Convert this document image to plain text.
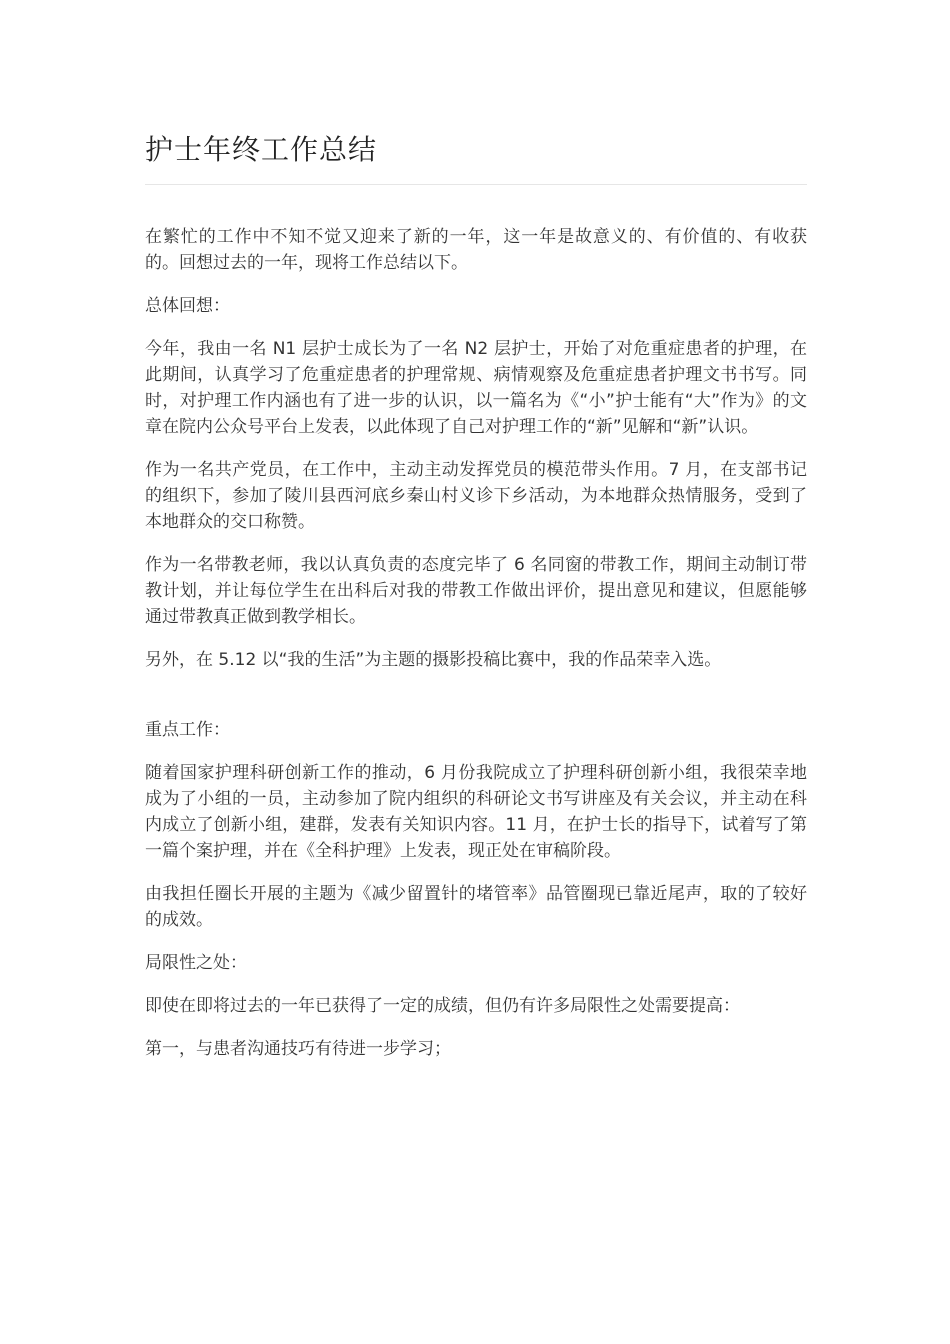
护士年终工作总结

在繁忙的工作中不知不觉又迎来了新的一年，这一年是故意义的、有价值的、有收获的。回想过去的一年，现将工作总结以下。

总体回想：

今年，我由一名 N1 层护士成长为了一名 N2 层护士，开始了对危重症患者的护理，在此期间，认真学习了危重症患者的护理常规、病情观察及危重症患者护理文书书写。同时，对护理工作内涵也有了进一步的认识，以一篇名为《“小”护士能有“大”作为》的文章在院内公众号平台上发表，以此体现了自己对护理工作的“新”见解和“新”认识。

作为一名共产党员，在工作中，主动主动发挥党员的模范带头作用。7 月，在支部书记的组织下，参加了陵川县西河底乡秦山村义诊下乡活动，为本地群众热情服务，受到了本地群众的交口称赞。

作为一名带教老师，我以认真负责的态度完毕了 6 名同窗的带教工作，期间主动制订带教计划，并让每位学生在出科后对我的带教工作做出评价，提出意见和建议，但愿能够通过带教真正做到教学相长。

另外，在 5.12 以“我的生活”为主题的摄影投稿比赛中，我的作品荣幸入选。

重点工作：

随着国家护理科研创新工作的推动，6 月份我院成立了护理科研创新小组，我很荣幸地成为了小组的一员，主动参加了院内组织的科研论文书写讲座及有关会议，并主动在科内成立了创新小组，建群，发表有关知识内容。11 月，在护士长的指导下，试着写了第一篇个案护理，并在《全科护理》上发表，现正处在审稿阶段。

由我担任圈长开展的主题为《减少留置针的堵管率》品管圈现已靠近尾声，取的了较好的成效。

局限性之处：

即使在即将过去的一年已获得了一定的成绩，但仍有许多局限性之处需要提高：

第一，与患者沟通技巧有待进一步学习；
